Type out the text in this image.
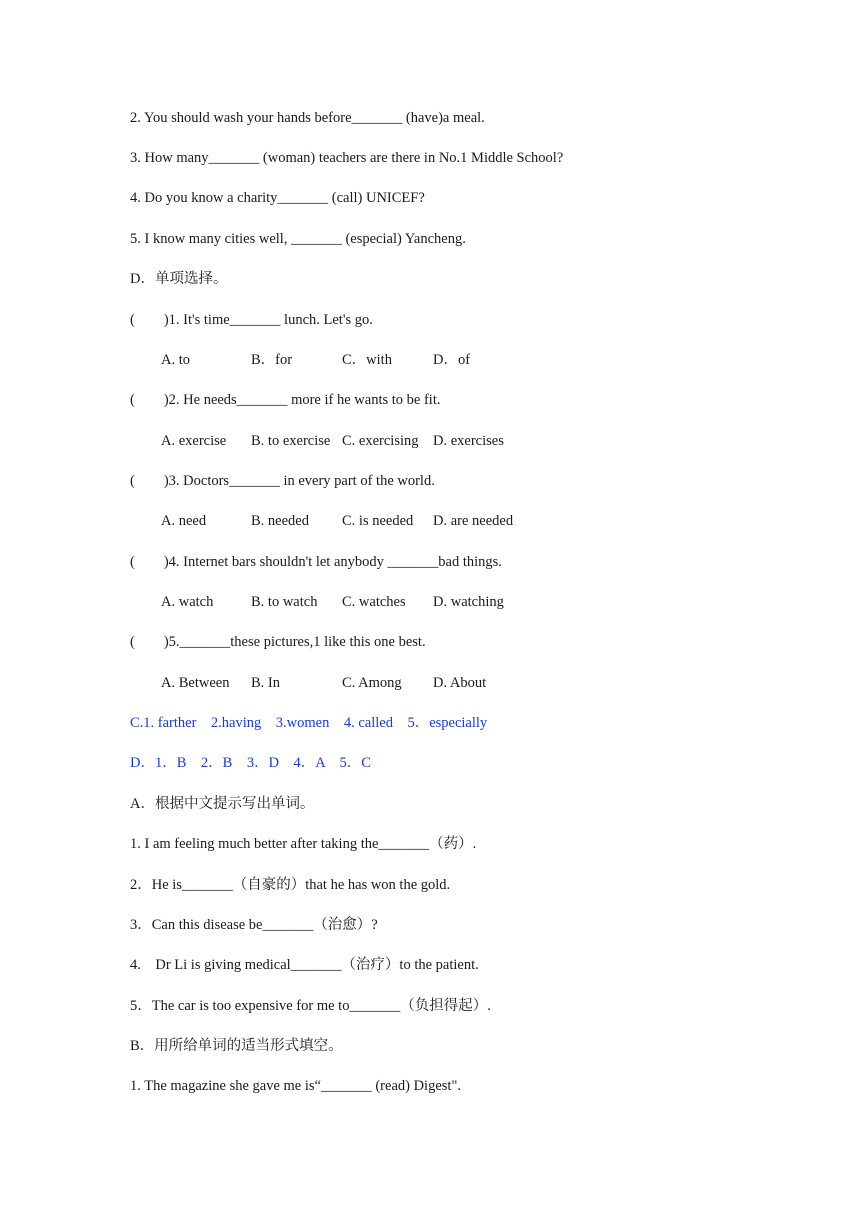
2. You should wash your hands before_______ (have)a meal.
3. How many_______ (woman) teachers are there in No.1 Middle School?
4. Do you know a charity_______ (call) UNICEF?
5. I know many cities well, _______ (especial) Yancheng.
D．单项选择。
(        )1. It's time_______ lunch. Let's go.
A. to	B．for	C．with	D．of
(        )2. He needs_______ more if he wants to be fit.
A. exercise B. to exercise C. exercising D. exercises
(        )3. Doctors_______ in every part of the world.
A. need	B. needed C. is needed D. are needed
(        )4. Internet bars shouldn't let anybody _______bad things.
A. watch	B. to watch C. watches D. watching
(        )5._______these pictures,1 like this one best.
A. Between B. In	C. Among D. About
C.1. farther    2.having    3.women    4. called    5．especially
D．1．B    2．B    3．D    4．A    5．C
A．根据中文提示写出单词。
1. I am feeling much better after taking the_______（药）.
2．He is_______（自豪的）that he has won the gold.
3．Can this disease be_______（治愈）?
4.    Dr Li is giving medical_______（治疗）to the patient.
5．The car is too expensive for me to_______（负担得起）.
B．用所给单词的适当形式填空。
1. The magazine she gave me is“_______ (read) Digest".
